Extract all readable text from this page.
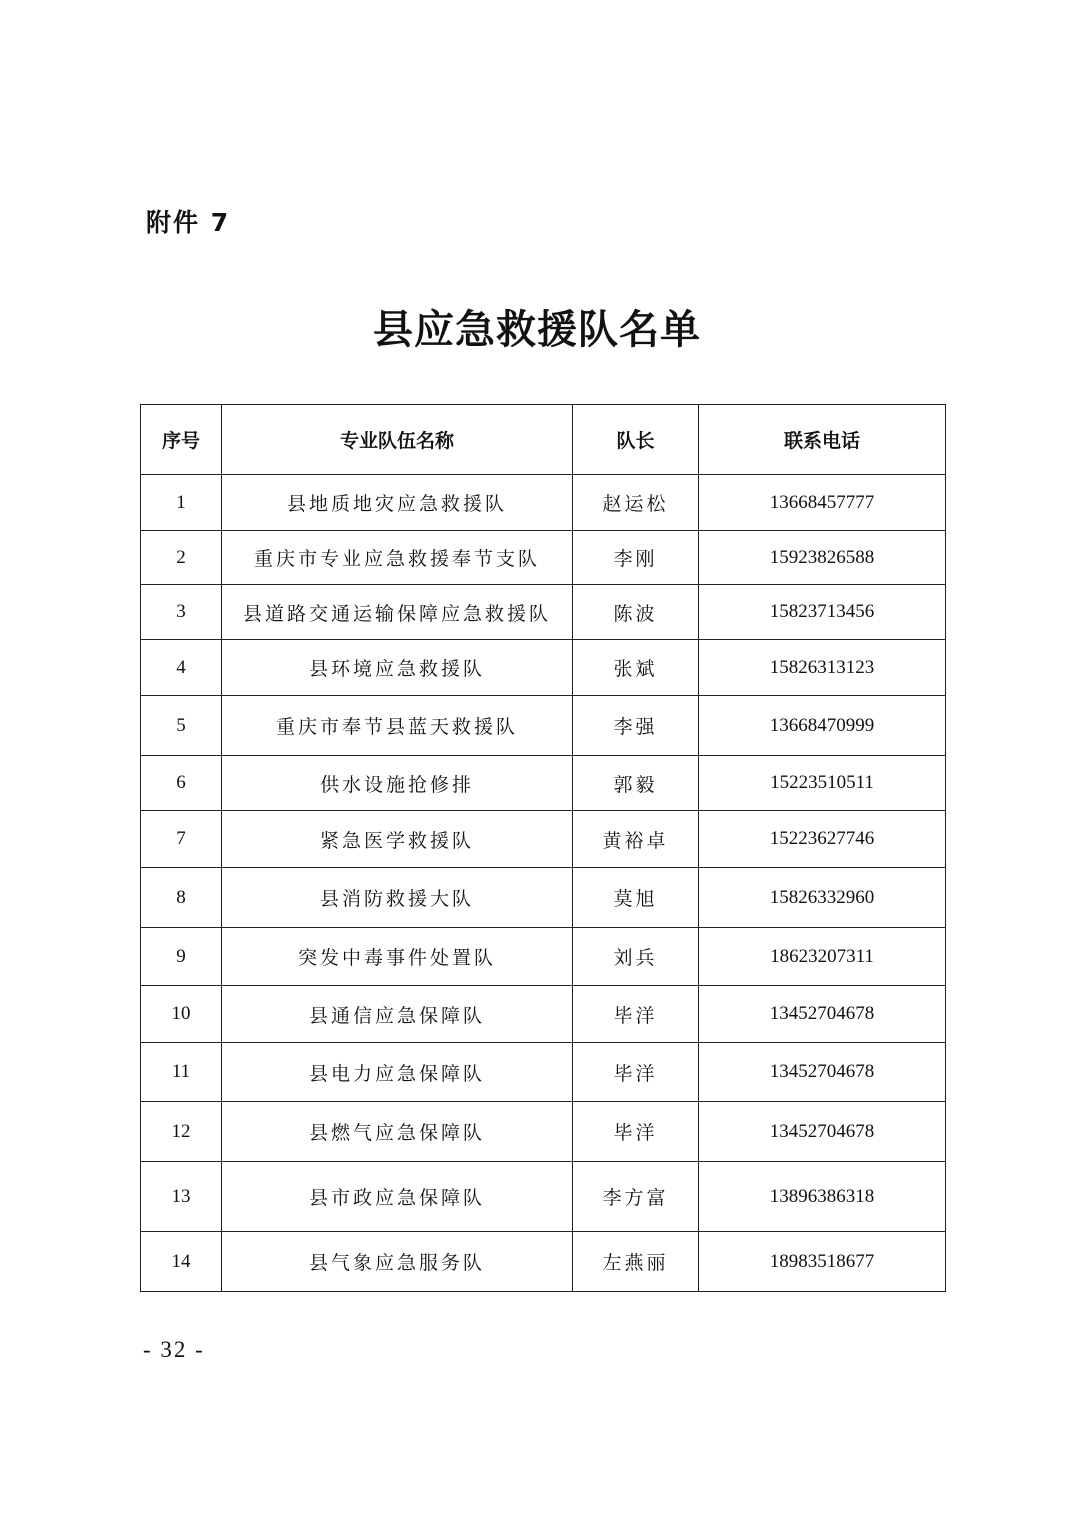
附件 7
县应急救援队名单
序号	专业队伍名称	队长	联系电话
1	县地质地灾应急救援队	赵运松	13668457777
2	重庆市专业应急救援奉节支队	李刚	15923826588
3	县道路交通运输保障应急救援队	陈波	15823713456
4	县环境应急救援队	张斌	15826313123
5	重庆市奉节县蓝天救援队	李强	13668470999
6	供水设施抢修排	郭毅	15223510511
7	紧急医学救援队	黄裕卓	15223627746
8	县消防救援大队	莫旭	15826332960
9	突发中毒事件处置队	刘兵	18623207311
10	县通信应急保障队	毕洋	13452704678
11	县电力应急保障队	毕洋	13452704678
12	县燃气应急保障队	毕洋	13452704678
13	县市政应急保障队	李方富	13896386318
14	县气象应急服务队	左燕丽	18983518677
- 32 -
